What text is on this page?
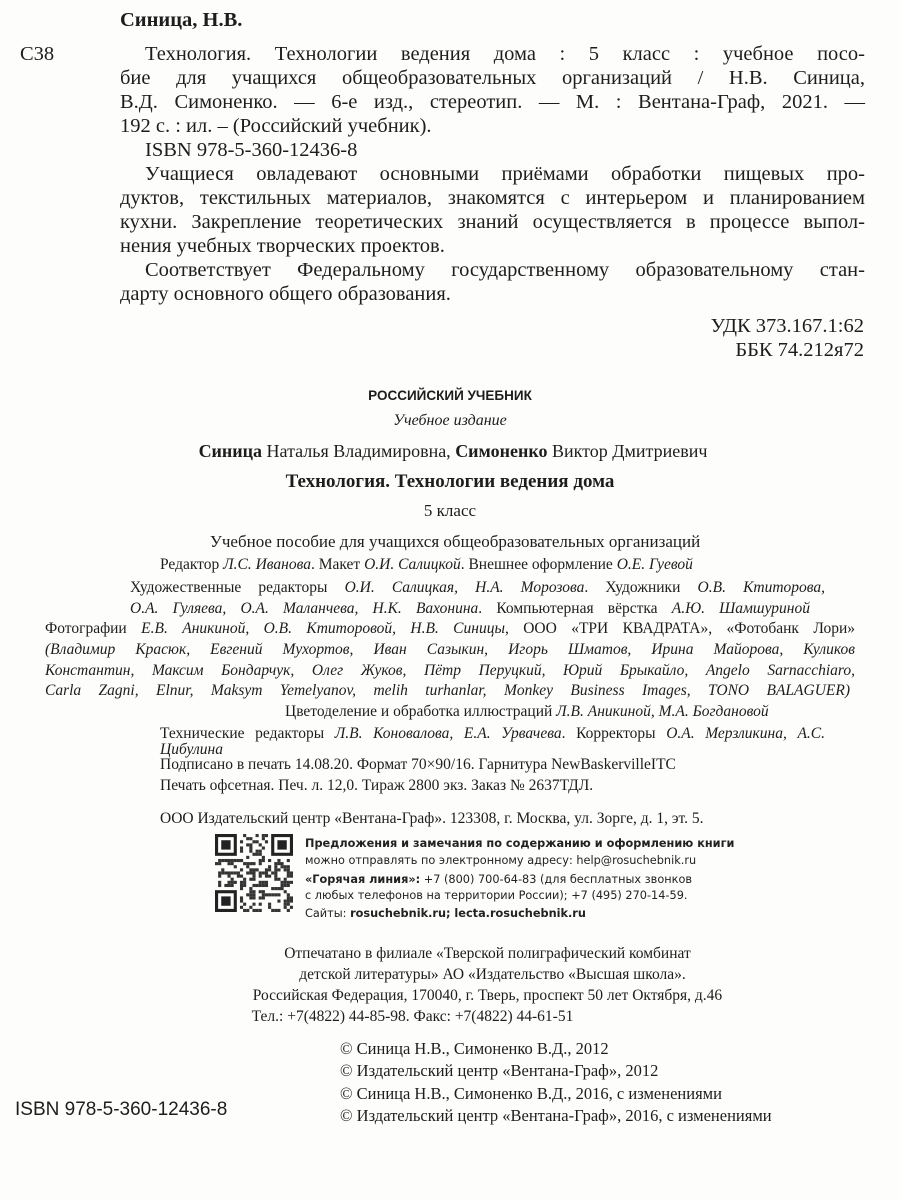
Синица, Н.В.
С38	Технология. Технологии ведения дома : 5 класс : учебное посо-
бие для учащихся общеобразовательных организаций / Н.В. Синица,
В.Д. Симоненко. — 6-е изд., стереотип. — М. : Вентана-Граф, 2021. —
192 с. : ил. – (Российский учебник).
ISBN 978-5-360-12436-8
Учащиеся овладевают основными приёмами обработки пищевых про-
дуктов, текстильных материалов, знакомятся с интерьером и планированием
кухни. Закрепление теоретических знаний осуществляется в процессе выпол-
нения учебных творческих проектов.
Соответствует Федеральному государственному образовательному стан-
дарту основного общего образования.
УДК 373.167.1:62
ББК 74.212я72
РОССИЙСКИЙ УЧЕБНИК
Учебное издание
Синица Наталья Владимировна, Симоненко Виктор Дмитриевич
Технология. Технологии ведения дома
5 класс
Учебное пособие для учащихся общеобразовательных организаций
Редактор Л.С. Иванова. Макет О.И. Салицкой. Внешнее оформление О.Е. Гуевой
Художественные редакторы О.И. Салицкая, Н.А. Морозова. Художники О.В. Ктиторова,
О.А. Гуляева, О.А. Маланчева, Н.К. Вахонина. Компьютерная вёрстка А.Ю. Шамшуриной
Фотографии Е.В. Аникиной, О.В. Ктиторовой, Н.В. Синицы, ООО «ТРИ КВАДРАТА», «Фотобанк Лори»
(Владимир Красюк, Евгений Мухортов, Иван Сазыкин, Игорь Шматов, Ирина Майорова, Куликов
Константин, Максим Бондарчук, Олег Жуков, Пётр Перуцкий, Юрий Брыкайло, Angelo Sarnacchiaro,
Carla Zagni, Elnur, Maksym Yemelyanov, melih turhanlar, Monkey Business Images, TONO BALAGUER)
Цветоделение и обработка иллюстраций Л.В. Аникиной, М.А. Богдановой
Технические редакторы Л.В. Коновалова, Е.А. Урвачева. Корректоры О.А. Мерзликина, А.С. Цибулина
Подписано в печать 14.08.20. Формат 70×90/16. Гарнитура NewBaskervilleITC
Печать офсетная. Печ. л. 12,0. Тираж 2800 экз. Заказ № 2637ТДЛ.
ООО Издательский центр «Вентана-Граф». 123308, г. Москва, ул. Зорге, д. 1, эт. 5.
Предложения и замечания по содержанию и оформлению книги
можно отправлять по электронному адресу: help@rosuchebnik.ru
«Горячая линия»: +7 (800) 700-64-83 (для бесплатных звонков
с любых телефонов на территории России); +7 (495) 270-14-59.
Сайты: rosuchebnik.ru; lecta.rosuchebnik.ru
Отпечатано в филиале «Тверской полиграфический комбинат
детской литературы» АО «Издательство «Высшая школа».
Российская Федерация, 170040, г. Тверь, проспект 50 лет Октября, д.46
Тел.: +7(4822) 44-85-98. Факс: +7(4822) 44-61-51
© Синица Н.В., Симоненко В.Д., 2012
© Издательский центр «Вентана-Граф», 2012
© Синица Н.В., Симоненко В.Д., 2016, с изменениями
© Издательский центр «Вентана-Граф», 2016, с изменениями
ISBN 978-5-360-12436-8
